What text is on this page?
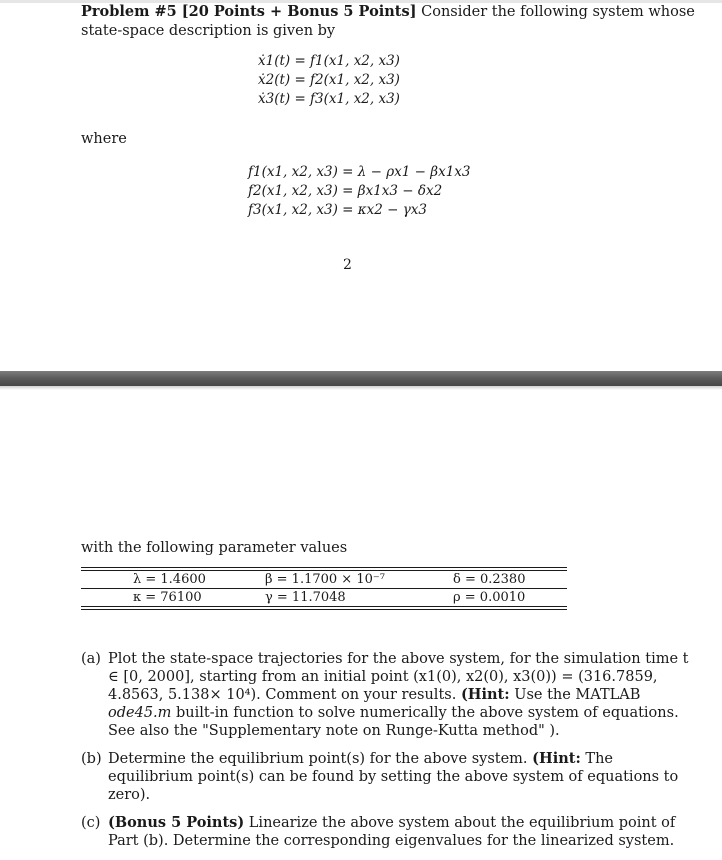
Problem #5 [20 Points + Bonus 5 Points] Consider the following system whose state-space description is given by
ẋ1(t) = f1(x1, x2, x3)
ẋ2(t) = f2(x1, x2, x3)
ẋ3(t) = f3(x1, x2, x3)
where
f1(x1, x2, x3) = λ − ρx1 − βx1x3
f2(x1, x2, x3) = βx1x3 − δx2
f3(x1, x2, x3) = κx2 − γx3
2
with the following parameter values
λ = 1.4600	β = 1.1700 × 10⁻⁷	δ = 0.2380
κ = 76100	γ = 11.7048	ρ = 0.0010
(a) Plot the state-space trajectories for the above system, for the simulation time t ∈ [0, 2000], starting from an initial point (x1(0), x2(0), x3(0)) = (316.7859, 4.8563, 5.138× 10⁴). Comment on your results. (Hint: Use the MATLAB ode45.m built-in function to solve numerically the above system of equations. See also the "Supplementary note on Runge-Kutta method" ).
(b) Determine the equilibrium point(s) for the above system. (Hint: The equilibrium point(s) can be found by setting the above system of equations to zero).
(c) (Bonus 5 Points) Linearize the above system about the equilibrium point of Part (b). Determine the corresponding eigenvalues for the linearized system.
